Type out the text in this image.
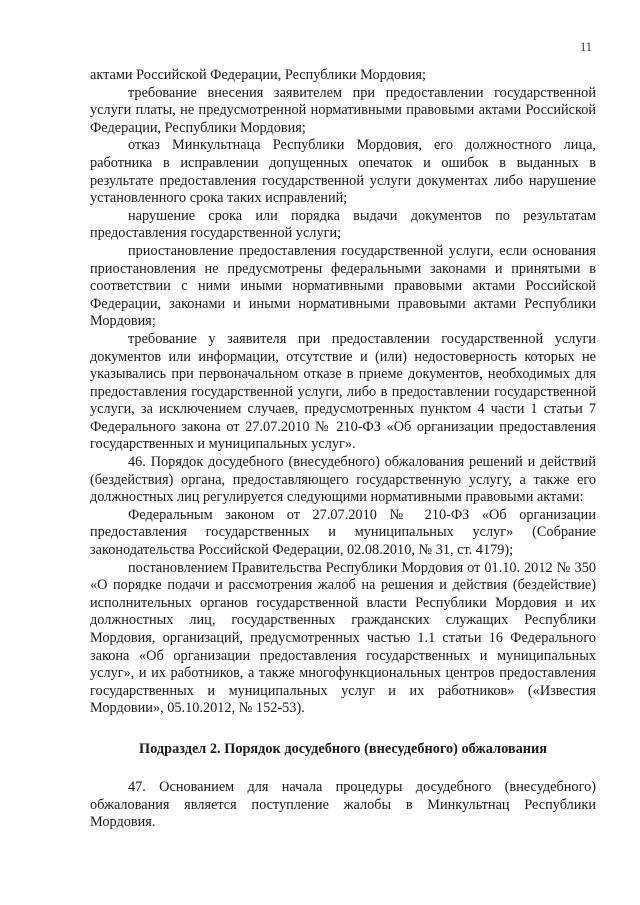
11

актами Российской Федерации, Республики Мордовия;

требование внесения заявителем при предоставлении государственной услуги платы, не предусмотренной нормативными правовыми актами Российской Федерации, Республики Мордовия;

отказ Минкультнаца Республики Мордовия, его должностного лица, работника в исправлении допущенных опечаток и ошибок в выданных в результате предоставления государственной услуги документах либо нарушение установленного срока таких исправлений;

нарушение срока или порядка выдачи документов по результатам предоставления государственной услуги;

приостановление предоставления государственной услуги, если основания приостановления не предусмотрены федеральными законами и принятыми в соответствии с ними иными нормативными правовыми актами Российской Федерации, законами и иными нормативными правовыми актами Республики Мордовия;

требование у заявителя при предоставлении государственной услуги документов или информации, отсутствие и (или) недостоверность которых не указывались при первоначальном отказе в приеме документов, необходимых для предоставления государственной услуги, либо в предоставлении государственной услуги, за исключением случаев, предусмотренных пунктом 4 части 1 статьи 7 Федерального закона от 27.07.2010 № 210-ФЗ «Об организации предоставления государственных и муниципальных услуг».

46. Порядок досудебного (внесудебного) обжалования решений и действий (бездействия) органа, предоставляющего государственную услугу, а также его должностных лиц регулируется следующими нормативными правовыми актами:

Федеральным законом от 27.07.2010 № 210-ФЗ «Об организации предоставления государственных и муниципальных услуг» (Собрание законодательства Российской Федерации, 02.08.2010, № 31, ст. 4179);

постановлением Правительства Республики Мордовия от 01.10. 2012 № 350 «О порядке подачи и рассмотрения жалоб на решения и действия (бездействие) исполнительных органов государственной власти Республики Мордовия и их должностных лиц, государственных гражданских служащих Республики Мордовия, организаций, предусмотренных частью 1.1 статьи 16 Федерального закона «Об организации предоставления государственных и муниципальных услуг», и их работников, а также многофункциональных центров предоставления государственных и муниципальных услуг и их работников» («Известия Мордовии», 05.10.2012, № 152-53).

Подраздел 2. Порядок досудебного (внесудебного) обжалования

47. Основанием для начала процедуры досудебного (внесудебного) обжалования является поступление жалобы в Минкультнац Республики Мордовия.
